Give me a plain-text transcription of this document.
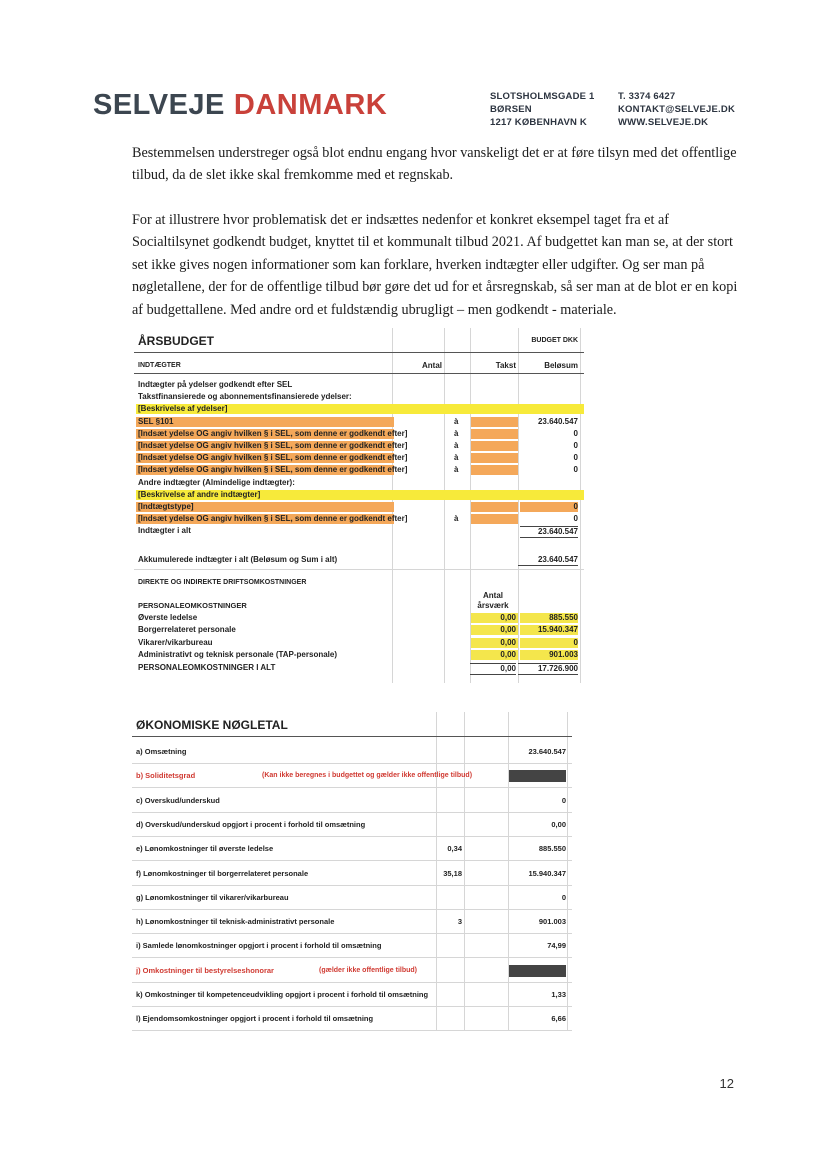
SELVEJE DANMARK	SLOTSHOLMSGADE 1
BØRSEN
1217 KØBENHAVN K
T. 3374 6427
KONTAKT@SELVEJE.DK
WWW.SELVEJE.DK

Bestemmelsen understreger også blot endnu engang hvor vanskeligt det er at føre tilsyn med det offentlige tilbud, da de slet ikke skal fremkomme med et regnskab.

For at illustrere hvor problematisk det er indsættes nedenfor et konkret eksempel taget fra et af Socialtilsynet godkendt budget, knyttet til et kommunalt tilbud 2021. Af budgettet kan man se, at der stort set ikke gives nogen informationer som kan forklare, hverken indtægter eller udgifter. Og ser man på nøgletallene, der for de offentlige tilbud bør gøre det ud for et årsregnskab, så ser man at de blot er en kopi af budgettallene. Med andre ord et fuldstændig ubrugligt – men godkendt - materiale.

ÅRSBUDGET	BUDGET DKK
INDTÆGTER	Antal	Takst	Beløsum
Indtægter på ydelser godkendt efter SEL
Takstfinansierede og abonnementsfinansierede ydelser:
[Beskrivelse af ydelser]
SEL §101	à	23.640.547
[Indsæt ydelse OG angiv hvilken § i SEL, som denne er godkendt efter]	à	0
[Indsæt ydelse OG angiv hvilken § i SEL, som denne er godkendt efter]	à	0
[Indsæt ydelse OG angiv hvilken § i SEL, som denne er godkendt efter]	à	0
[Indsæt ydelse OG angiv hvilken § i SEL, som denne er godkendt efter]	à	0
Andre indtægter (Almindelige indtægter):
[Beskrivelse af andre indtægter]
[Indtægtstype]	0
[Indsæt ydelse OG angiv hvilken § i SEL, som denne er godkendt efter]	à	0
Indtægter i alt	23.640.547
Akkumulerede indtægter i alt (Beløsum og Sum i alt)	23.640.547
DIREKTE OG INDIREKTE DRIFTSOMKOSTNINGER
Antal
PERSONALEOMKOSTNINGER	årsværk
Øverste ledelse	0,00	885.550
Borgerrelateret personale	0,00	15.940.347
Vikarer/vikarbureau	0,00	0
Administrativt og teknisk personale (TAP-personale)	0,00	901.003
PERSONALEOMKOSTNINGER I ALT	0,00	17.726.900
ØKONOMISKE NØGLETAL
a) Omsætning	23.640.547
b) Soliditetsgrad	(Kan ikke beregnes i budgettet og gælder ikke offentlige tilbud)
c) Overskud/underskud	0
d) Overskud/underskud opgjort i procent i forhold til omsætning	0,00
e) Lønomkostninger til øverste ledelse	0,34	885.550
f) Lønomkostninger til borgerrelateret personale	35,18	15.940.347
g) Lønomkostninger til vikarer/vikarbureau	0
h) Lønomkostninger til teknisk-administrativt personale	3	901.003
i) Samlede lønomkostninger opgjort i procent i forhold til omsætning	74,99
j) Omkostninger til bestyrelseshonorar	(gælder ikke offentlige tilbud)
k) Omkostninger til kompetenceudvikling opgjort i procent i forhold til omsætning	1,33
l) Ejendomsomkostninger opgjort i procent i forhold til omsætning	6,66
12
